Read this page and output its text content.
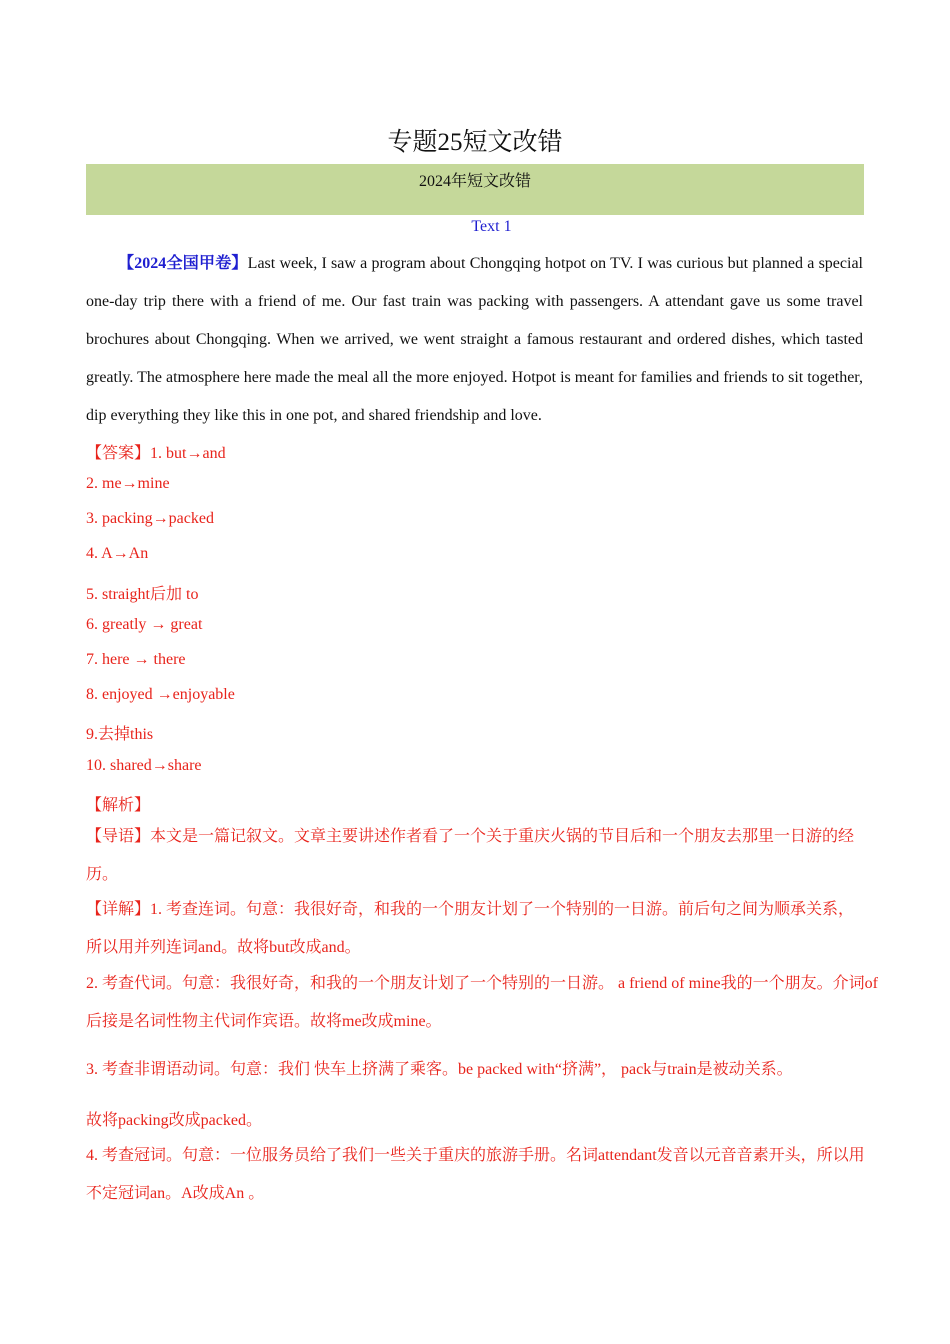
专题25短文改错
2024年短文改错
Text 1
【2024全国甲卷】Last week, I saw a program about Chongqing hotpot on TV. I was curious but planned a special one-day trip there with a friend of me. Our fast train was packing with passengers. A attendant gave us some travel brochures about Chongqing. When we arrived, we went straight a famous restaurant and ordered dishes, which tasted greatly. The atmosphere here made the meal all the more enjoyed. Hotpot is meant for families and friends to sit together, dip everything they like this in one pot, and shared friendship and love.
【答案】1. but→and
2. me→mine
3. packing→packed
4. A→An
5. straight后加 to
6. greatly → great
7. here → there
8. enjoyed →enjoyable
9.去掉this
10. shared→share
【解析】
【导语】本文是一篇记叙文。文章主要讲述作者看了一个关于重庆火锅的节目后和一个朋友去那里一日游的经历。
【详解】1. 考查连词。句意：我很好奇，和我的一个朋友计划了一个特别的一日游。前后句之间为顺承关系，所以用并列连词and。故将but改成and。
2. 考查代词。句意：我很好奇，和我的一个朋友计划了一个特别的一日游。 a friend of mine我的一个朋友。介词of后接是名词性物主代词作宾语。故将me改成mine。
3. 考查非谓语动词。句意：我们 快车上挤满了乘客。be packed with“挤满”， pack与train是被动关系。
故将packing改成packed。
4. 考查冠词。句意：一位服务员给了我们一些关于重庆的旅游手册。名词attendant发音以元音音素开头，所以用不定冠词an。A改成An 。
